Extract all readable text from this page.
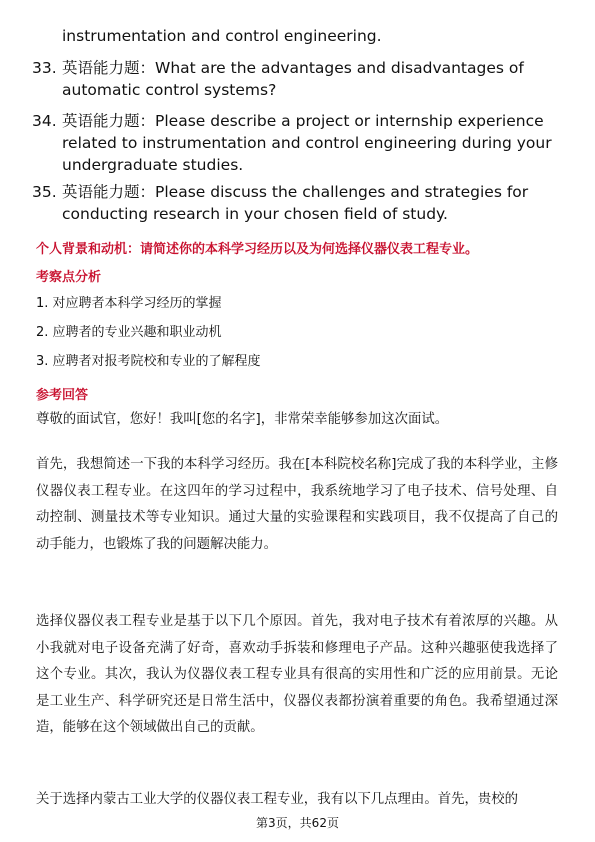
instrumentation and control engineering.
33. 英语能力题：What are the advantages and disadvantages of automatic control systems?
34. 英语能力题：Please describe a project or internship experience related to instrumentation and control engineering during your undergraduate studies.
35. 英语能力题：Please discuss the challenges and strategies for conducting research in your chosen field of study.
个人背景和动机：请简述你的本科学习经历以及为何选择仪器仪表工程专业。
考察点分析
1. 对应聘者本科学习经历的掌握
2. 应聘者的专业兴趣和职业动机
3. 应聘者对报考院校和专业的了解程度
参考回答
尊敬的面试官，您好！我叫[您的名字]，非常荣幸能够参加这次面试。
首先，我想简述一下我的本科学习经历。我在[本科院校名称]完成了我的本科学业，主修仪器仪表工程专业。在这四年的学习过程中，我系统地学习了电子技术、信号处理、自动控制、测量技术等专业知识。通过大量的实验课程和实践项目，我不仅提高了自己的动手能力，也锻炼了我的问题解决能力。
选择仪器仪表工程专业是基于以下几个原因。首先，我对电子技术有着浓厚的兴趣。从小我就对电子设备充满了好奇，喜欢动手拆装和修理电子产品。这种兴趣驱使我选择了这个专业。其次，我认为仪器仪表工程专业具有很高的实用性和广泛的应用前景。无论是工业生产、科学研究还是日常生活中，仪器仪表都扮演着重要的角色。我希望通过深造，能够在这个领域做出自己的贡献。
关于选择内蒙古工业大学的仪器仪表工程专业，我有以下几点理由。首先，贵校的
第3页，共62页
